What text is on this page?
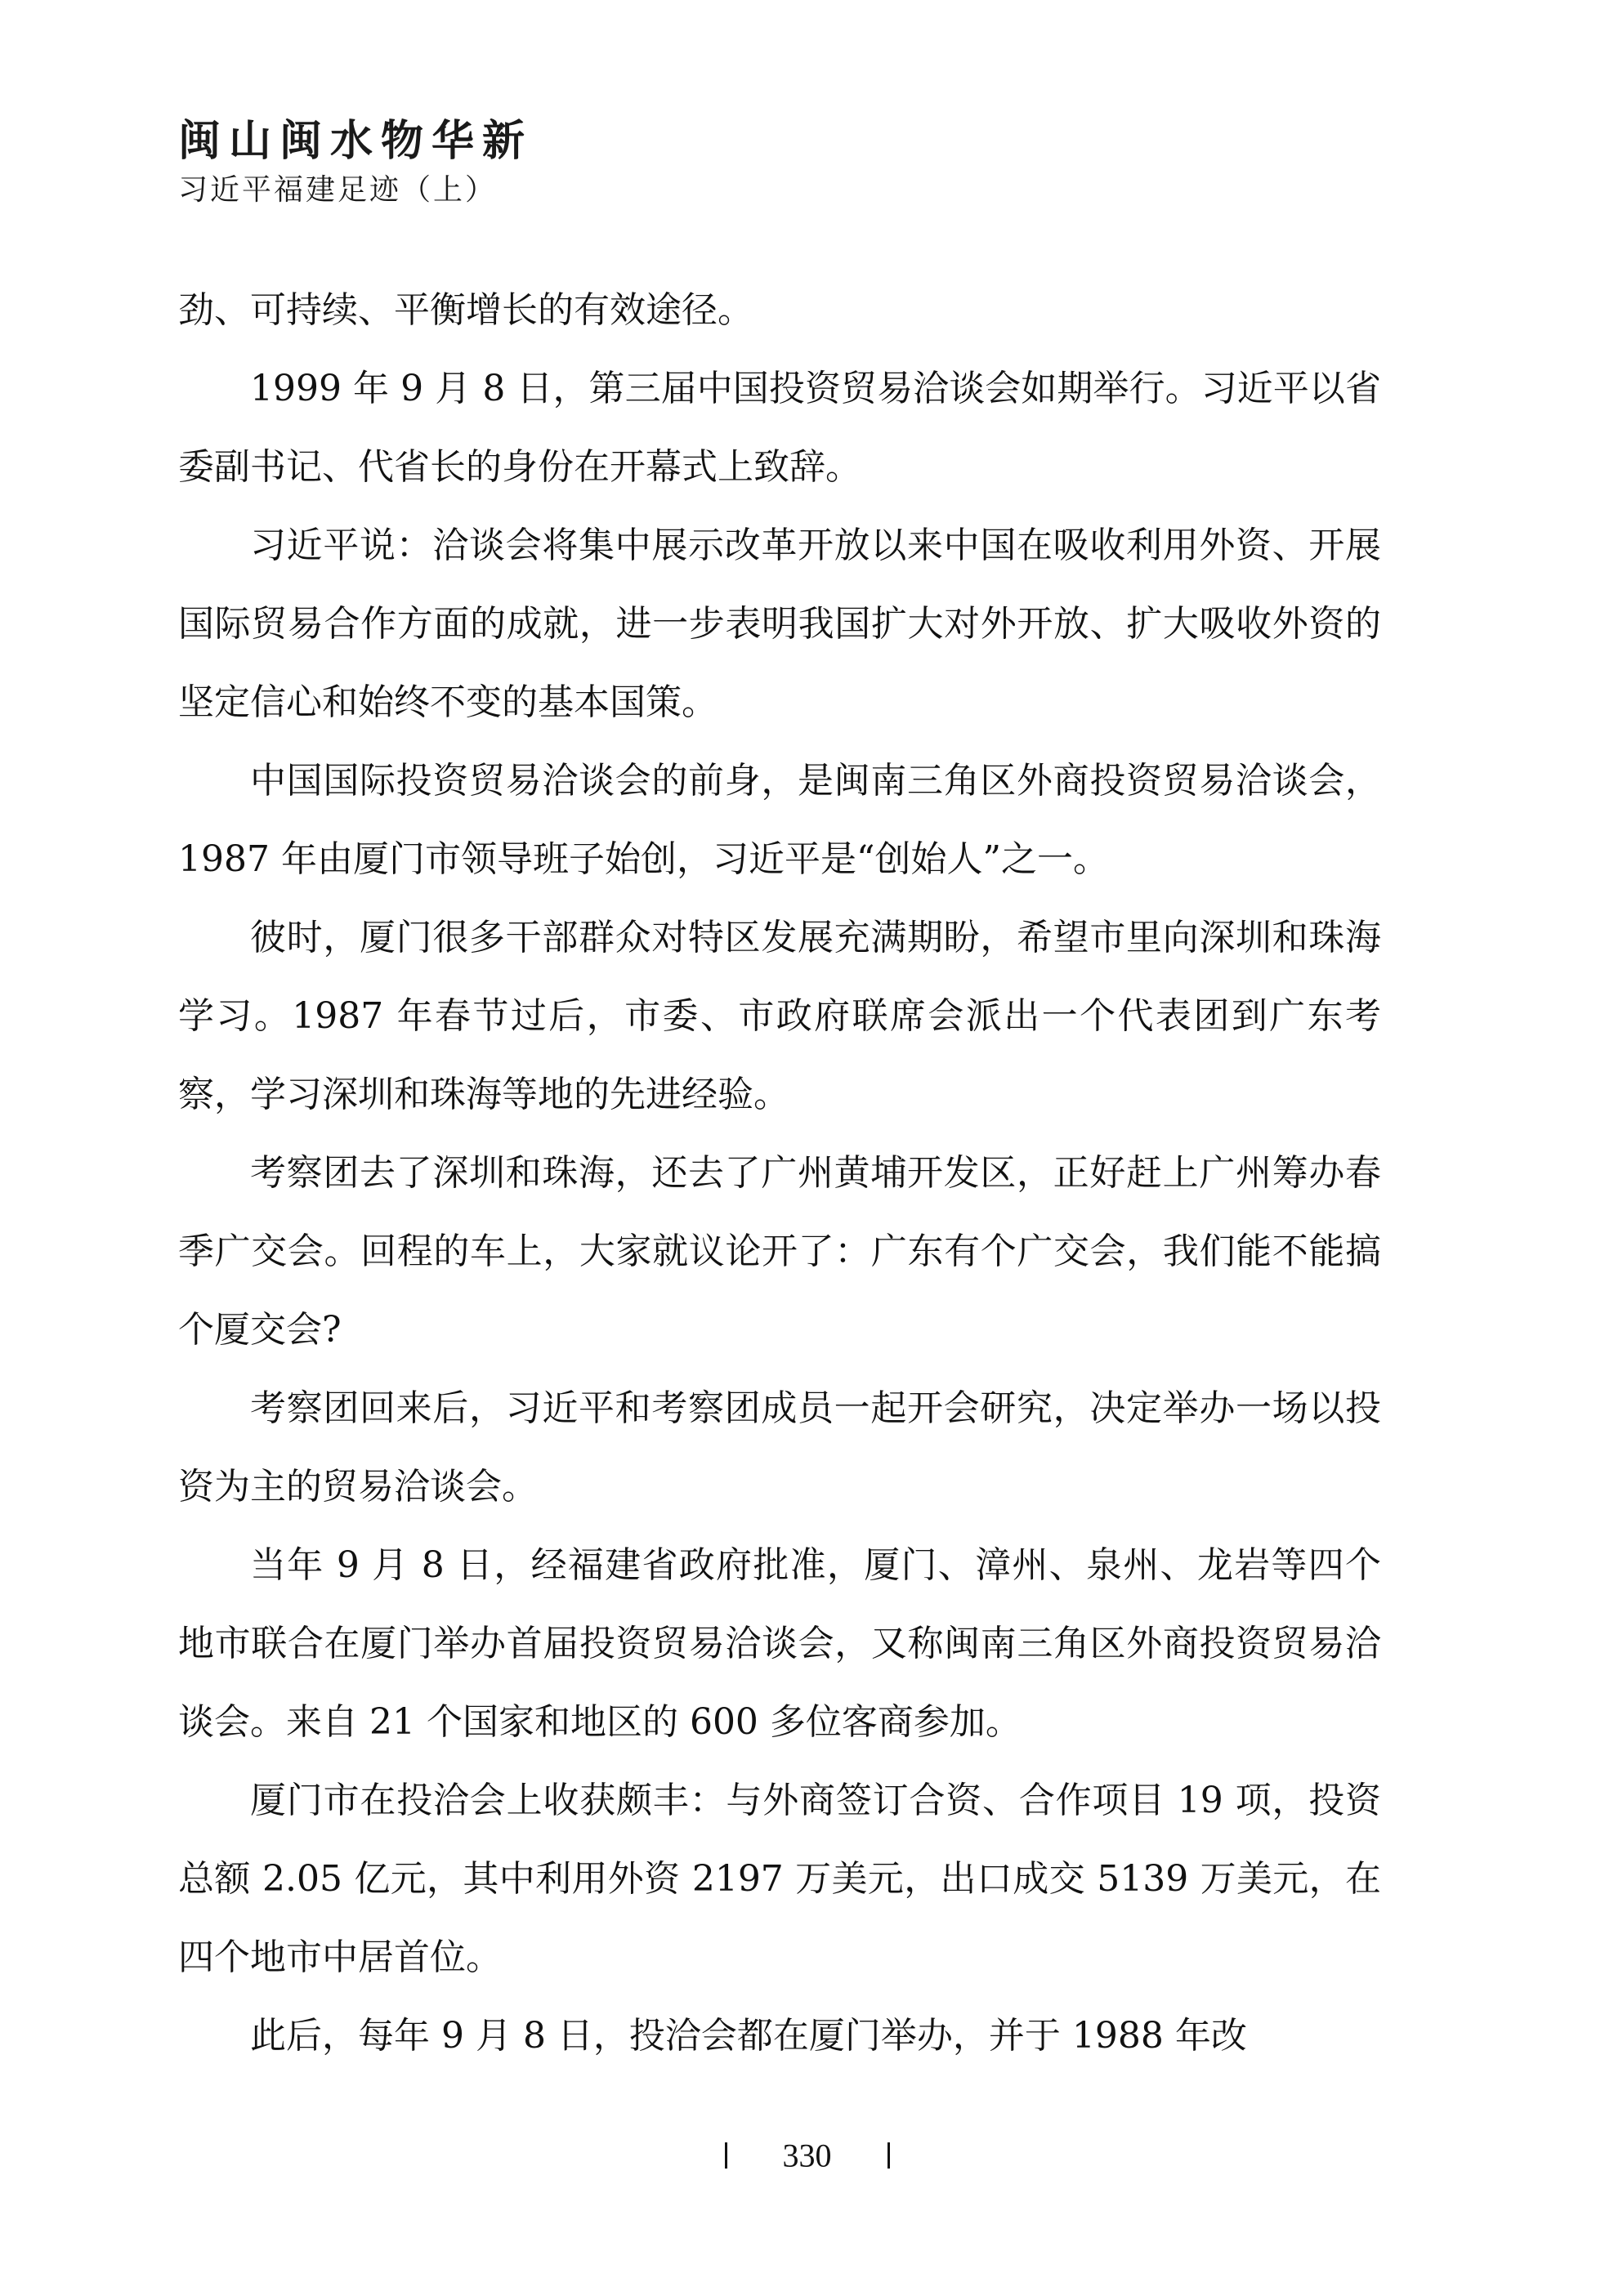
闽山闽水物华新
习近平福建足迹（上）

劲、可持续、平衡增长的有效途径。

1999 年 9 月 8 日，第三届中国投资贸易洽谈会如期举行。习近平以省委副书记、代省长的身份在开幕式上致辞。

习近平说：洽谈会将集中展示改革开放以来中国在吸收利用外资、开展国际贸易合作方面的成就，进一步表明我国扩大对外开放、扩大吸收外资的坚定信心和始终不变的基本国策。

中国国际投资贸易洽谈会的前身，是闽南三角区外商投资贸易洽谈会，1987 年由厦门市领导班子始创，习近平是“创始人”之一。

彼时，厦门很多干部群众对特区发展充满期盼，希望市里向深圳和珠海学习。1987 年春节过后，市委、市政府联席会派出一个代表团到广东考察，学习深圳和珠海等地的先进经验。

考察团去了深圳和珠海，还去了广州黄埔开发区，正好赶上广州筹办春季广交会。回程的车上，大家就议论开了：广东有个广交会，我们能不能搞个厦交会?

考察团回来后，习近平和考察团成员一起开会研究，决定举办一场以投资为主的贸易洽谈会。

当年 9 月 8 日，经福建省政府批准，厦门、漳州、泉州、龙岩等四个地市联合在厦门举办首届投资贸易洽谈会，又称闽南三角区外商投资贸易洽谈会。来自 21 个国家和地区的 600 多位客商参加。

厦门市在投洽会上收获颇丰：与外商签订合资、合作项目 19 项，投资总额 2.05 亿元，其中利用外资 2197 万美元，出口成交 5139 万美元，在四个地市中居首位。

此后，每年 9 月 8 日，投洽会都在厦门举办，并于 1988 年改

330
